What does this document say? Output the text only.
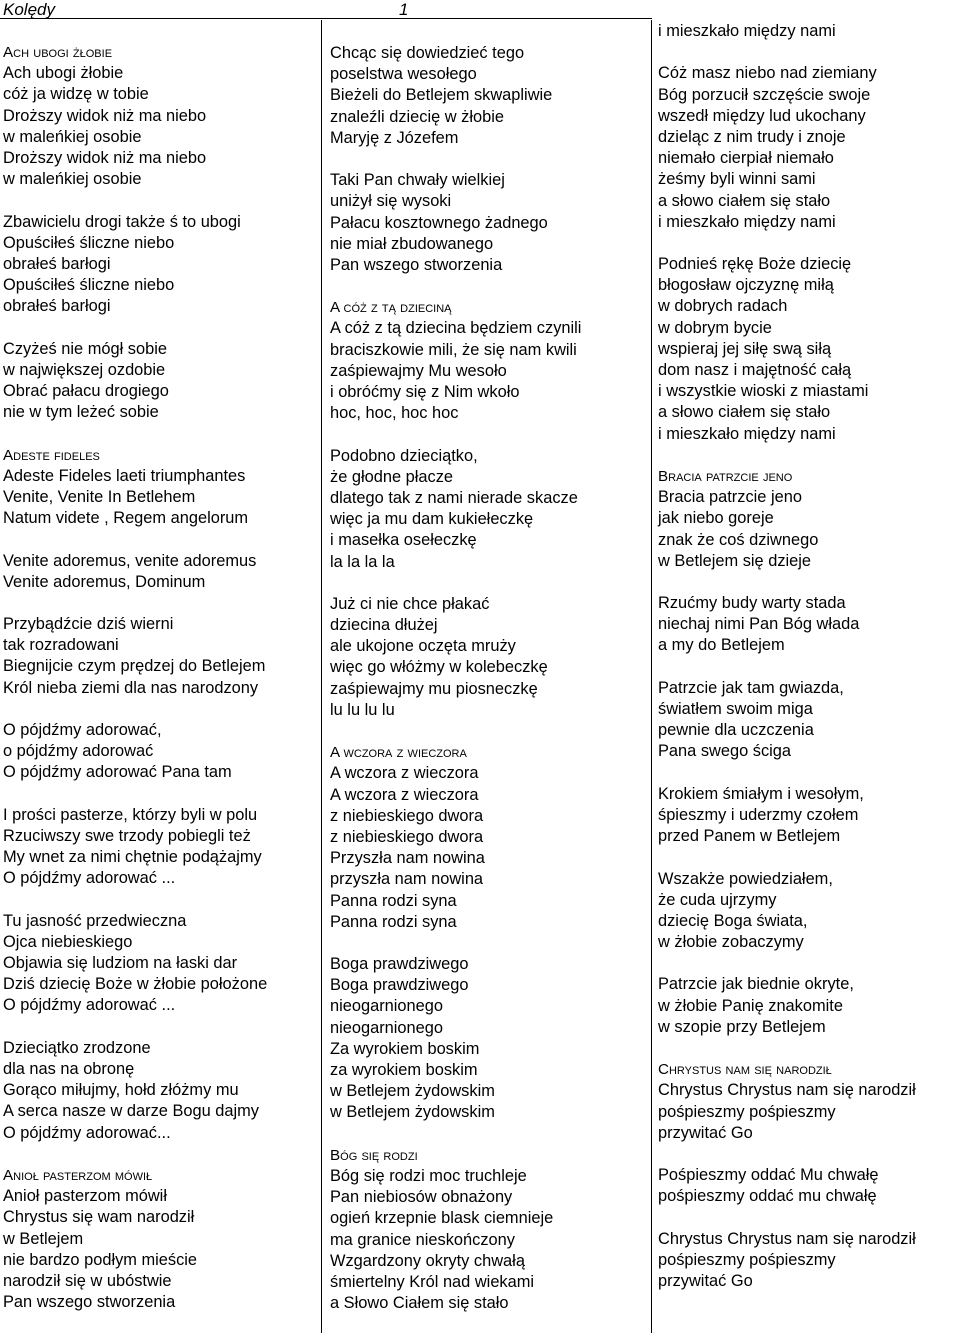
Kolędy	1
Ach ubogi żłobie
Ach ubogi żłobie
cóż ja widzę w tobie
Droższy widok niż ma niebo
w maleńkiej osobie
Droższy widok niż ma niebo
w maleńkiej osobie
Zbawicielu drogi także ś to ubogi
Opuściłeś śliczne niebo
obrałeś barłogi
Opuściłeś śliczne niebo
obrałeś barłogi
Czyżeś nie mógł sobie
w największej ozdobie
Obrać pałacu drogiego
nie w tym leżeć sobie
Adeste fideles
Adeste Fideles laeti triumphantes
Venite, Venite In Betlehem
Natum videte , Regem angelorum
Venite adoremus, venite adoremus
Venite adoremus, Dominum
Przybądźcie dziś wierni
tak rozradowani
Biegnijcie czym prędzej do Betlejem
Król nieba ziemi dla nas narodzony
O pójdźmy adorować,
o pójdźmy adorować
O pójdźmy adorować Pana tam
I prości pasterze, którzy byli w polu
Rzuciwszy swe trzody pobiegli też
My wnet za nimi chętnie podążajmy
O pójdźmy adorować ...
Tu jasność przedwieczna
Ojca niebieskiego
Objawia się ludziom na łaski dar
Dziś dziecię Boże w żłobie położone
O pójdźmy adorować ...
Dzieciątko zrodzone
dla nas na obronę
Gorąco miłujmy, hołd złóżmy mu
A serca nasze w darze Bogu dajmy
O pójdźmy adorować...
Anioł pasterzom mówił
Anioł pasterzom mówił
Chrystus się wam narodził
w Betlejem
nie bardzo podłym mieście
narodził się w ubóstwie
Pan wszego stworzenia
Chcąc się dowiedzieć tego
poselstwa wesołego
Bieżeli do Betlejem skwapliwie
znaleźli dziecię w żłobie
Maryję z Józefem
Taki Pan chwały wielkiej
uniżył się wysoki
Pałacu kosztownego żadnego
nie miał zbudowanego
Pan wszego stworzenia
A cóż z tą dzieciną
A cóż z tą dziecina będziem czynili
braciszkowie mili, że się nam kwili
zaśpiewajmy Mu wesoło
i obróćmy się z Nim wkoło
hoc, hoc, hoc hoc
Podobno dzieciątko,
że głodne płacze
dlatego tak z nami nierade skacze
więc ja mu dam kukiełeczkę
i masełka osełeczkę
la la la la
Już ci nie chce płakać
dziecina dłużej
ale ukojone oczęta mruży
więc go włóżmy w kolebeczkę
zaśpiewajmy mu piosneczkę
lu lu lu lu
A wczora z wieczora
A wczora z wieczora
A wczora z wieczora
z niebieskiego dwora
z niebieskiego dwora
Przyszła nam nowina
przyszła nam nowina
Panna rodzi syna
Panna rodzi syna
Boga prawdziwego
Boga prawdziwego
nieogarnionego
nieogarnionego
Za wyrokiem boskim
za wyrokiem boskim
w Betlejem żydowskim
w Betlejem żydowskim
Bóg się rodzi
Bóg się rodzi moc truchleje
Pan niebiosów obnażony
ogień krzepnie blask ciemnieje
ma granice nieskończony
Wzgardzony okryty chwałą
śmiertelny Król nad wiekami
a Słowo Ciałem się stało
i mieszkało między nami
Cóż masz niebo nad ziemiany
Bóg porzucił szczęście swoje
wszedł między lud ukochany
dzieląc z nim trudy i znoje
niemało cierpiał niemało
żeśmy byli winni sami
a słowo ciałem się stało
i mieszkało między nami
Podnieś rękę Boże dziecię
błogosław ojczyznę miłą
w dobrych radach
w dobrym bycie
wspieraj jej siłę swą siłą
dom nasz i majętność całą
i wszystkie wioski z miastami
a słowo ciałem się stało
i mieszkało między nami
Bracia patrzcie jeno
Bracia patrzcie jeno
jak niebo goreje
znak że coś dziwnego
w Betlejem się dzieje
Rzućmy budy warty stada
niechaj nimi Pan Bóg włada
a my do Betlejem
Patrzcie jak tam gwiazda,
światłem swoim miga
pewnie dla uczczenia
Pana swego ściga
Krokiem śmiałym i wesołym,
śpieszmy i uderzmy czołem
przed Panem w Betlejem
Wszakże powiedziałem,
że cuda ujrzymy
dziecię Boga świata,
w żłobie zobaczymy
Patrzcie jak biednie okryte,
w żłobie Panię znakomite
w szopie przy Betlejem
Chrystus nam się narodził
Chrystus Chrystus nam się narodził
pośpieszmy pośpieszmy
przywitać Go
Pośpieszmy oddać Mu chwałę
pośpieszmy oddać mu chwałę
Chrystus Chrystus nam się narodził
pośpieszmy pośpieszmy
przywitać Go
